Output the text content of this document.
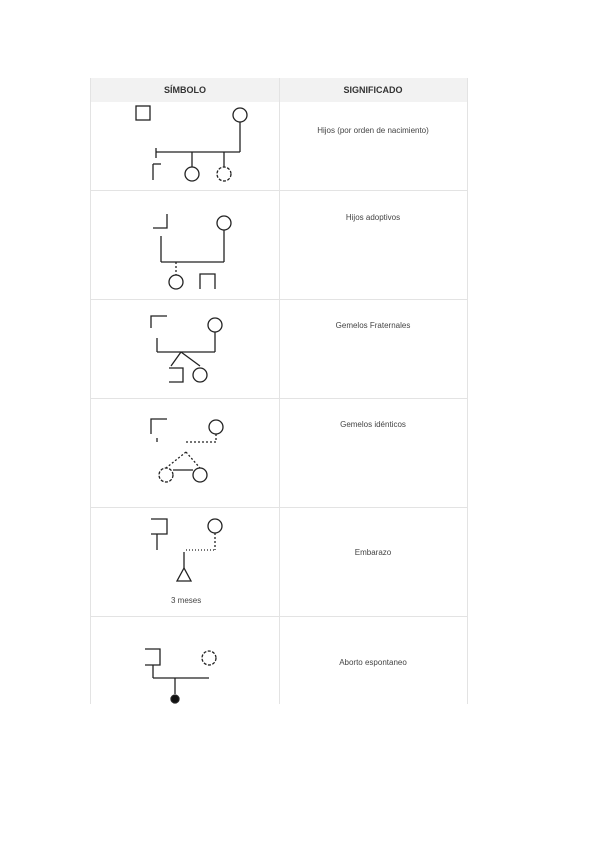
SÍMBOLO	SIGNIFICADO
Hijos (por orden de nacimiento)
Hijos adoptivos
Gemelos Fraternales
Gemelos idénticos
Embarazo
Aborto espontaneo
3 meses
